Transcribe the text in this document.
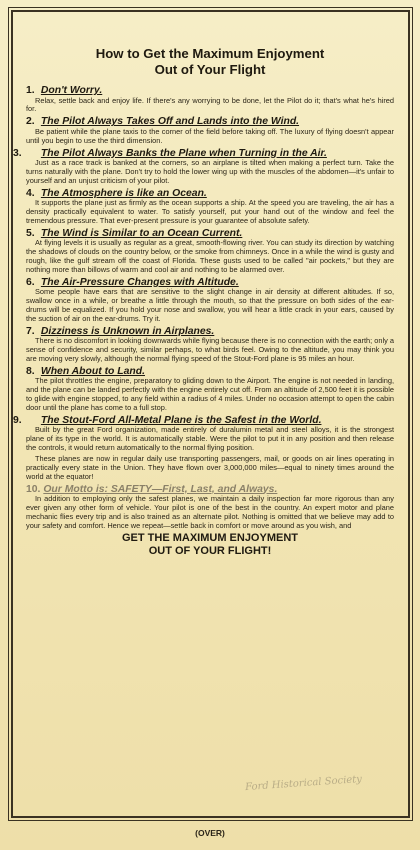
How to Get the Maximum Enjoyment
Out of Your Flight
1. Don't Worry.
Relax, settle back and enjoy life. If there's any worrying to be done, let the Pilot do it; that's what he's hired for.
2. The Pilot Always Takes Off and Lands into the Wind.
Be patient while the plane taxis to the corner of the field before taking off. The luxury of flying doesn't appear until you begin to use the third dimension.
3. The Pilot Always Banks the Plane when Turning in the Air.
Just as a race track is banked at the corners, so an airplane is tilted when making a perfect turn. Take the turns naturally with the plane. Don't try to hold the lower wing up with the muscles of the abdomen—it's unfair to yourself and an unjust criticism of your pilot.
4. The Atmosphere is like an Ocean.
It supports the plane just as firmly as the ocean supports a ship. At the speed you are traveling, the air has a density practically equivalent to water. To satisfy yourself, put your hand out of the window and feel the tremendous pressure. That ever-present pressure is your guarantee of absolute safety.
5. The Wind is Similar to an Ocean Current.
At flying levels it is usually as regular as a great, smooth-flowing river. You can study its direction by watching the shadows of clouds on the country below, or the smoke from chimneys. Once in a while the wind is gusty and rough, like the gulf stream off the coast of Florida. These gusts used to be called "air pockets," but they are nothing more than billows of warm and cool air and nothing to be alarmed over.
6. The Air-Pressure Changes with Altitude.
Some people have ears that are sensitive to the slight change in air density at different altitudes. If so, swallow once in a while, or breathe a little through the mouth, so that the pressure on both sides of the ear-drums will be equalized. If you hold your nose and swallow, you will hear a little crack in your ears, caused by the suction of air on the ear-drums. Try it.
7. Dizziness is Unknown in Airplanes.
There is no discomfort in looking downwards while flying because there is no connection with the earth; only a sense of confidence and security, similar perhaps, to what birds feel. Owing to the altitude, you may think you are moving very slowly, although the normal flying speed of the Stout-Ford plane is 95 miles an hour.
8. When About to Land.
The pilot throttles the engine, preparatory to gliding down to the Airport. The engine is not needed in landing, and the plane can be landed perfectly with the engine entirely cut off. From an altitude of 2,500 feet it is possible to glide with engine stopped, to any field within a radius of 4 miles. Under no occasion attempt to open the cabin door until the plane has come to a full stop.
9. The Stout-Ford All-Metal Plane is the Safest in the World.
Built by the great Ford organization, made entirely of duralumin metal and steel alloys, it is the strongest plane of its type in the world. It is automatically stable. Were the pilot to put it in any position and then release the controls, it would return automatically to the normal flying position.
These planes are now in regular daily use transporting passengers, mail, or goods on air lines operating in practically every state in the Union. They have flown over 3,000,000 miles—equal to ninety times around the world at the equator!
10. Our Motto is: SAFETY—First, Last, and Always.
In addition to employing only the safest planes, we maintain a daily inspection far more rigorous than any ever given any other form of vehicle. Your pilot is one of the best in the country. An expert motor and plane mechanic flies every trip and is also trained as an alternate pilot. Nothing is omitted that we believe may add to your safety and comfort. Hence we repeat—settle back in comfort or move around as you wish, and
GET THE MAXIMUM ENJOYMENT
OUT OF YOUR FLIGHT!
Ford Historical Society
(OVER)
